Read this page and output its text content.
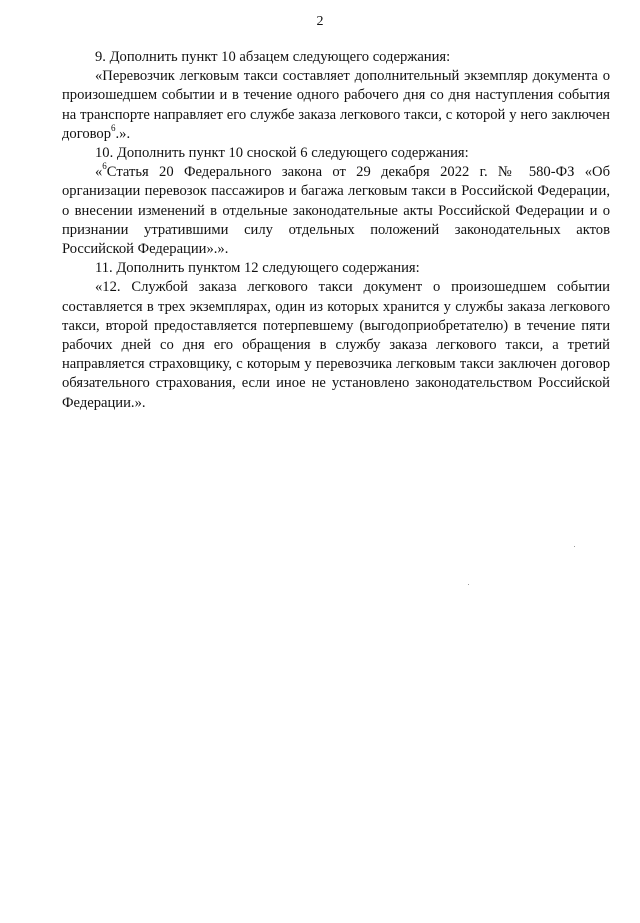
2

9. Дополнить пункт 10 абзацем следующего содержания:

«Перевозчик легковым такси составляет дополнительный экземпляр документа о произошедшем событии и в течение одного рабочего дня со дня наступления события на транспорте направляет его службе заказа легкового такси, с которой у него заключен договор$^6$.».

10. Дополнить пункт 10 сноской 6 следующего содержания:

«$^6$Статья 20 Федерального закона от 29 декабря 2022 г. № 580-ФЗ «Об организации перевозок пассажиров и багажа легковым такси в Российской Федерации, о внесении изменений в отдельные законодательные акты Российской Федерации и о признании утратившими силу отдельных положений законодательных актов Российской Федерации».».

11. Дополнить пунктом 12 следующего содержания:

«12. Службой заказа легкового такси документ о произошедшем событии составляется в трех экземплярах, один из которых хранится у службы заказа легкового такси, второй предоставляется потерпевшему (выгодоприобретателю) в течение пяти рабочих дней со дня его обращения в службу заказа легкового такси, а третий направляется страховщику, с которым у перевозчика легковым такси заключен договор обязательного страхования, если иное не установлено законодательством Российской Федерации.».
